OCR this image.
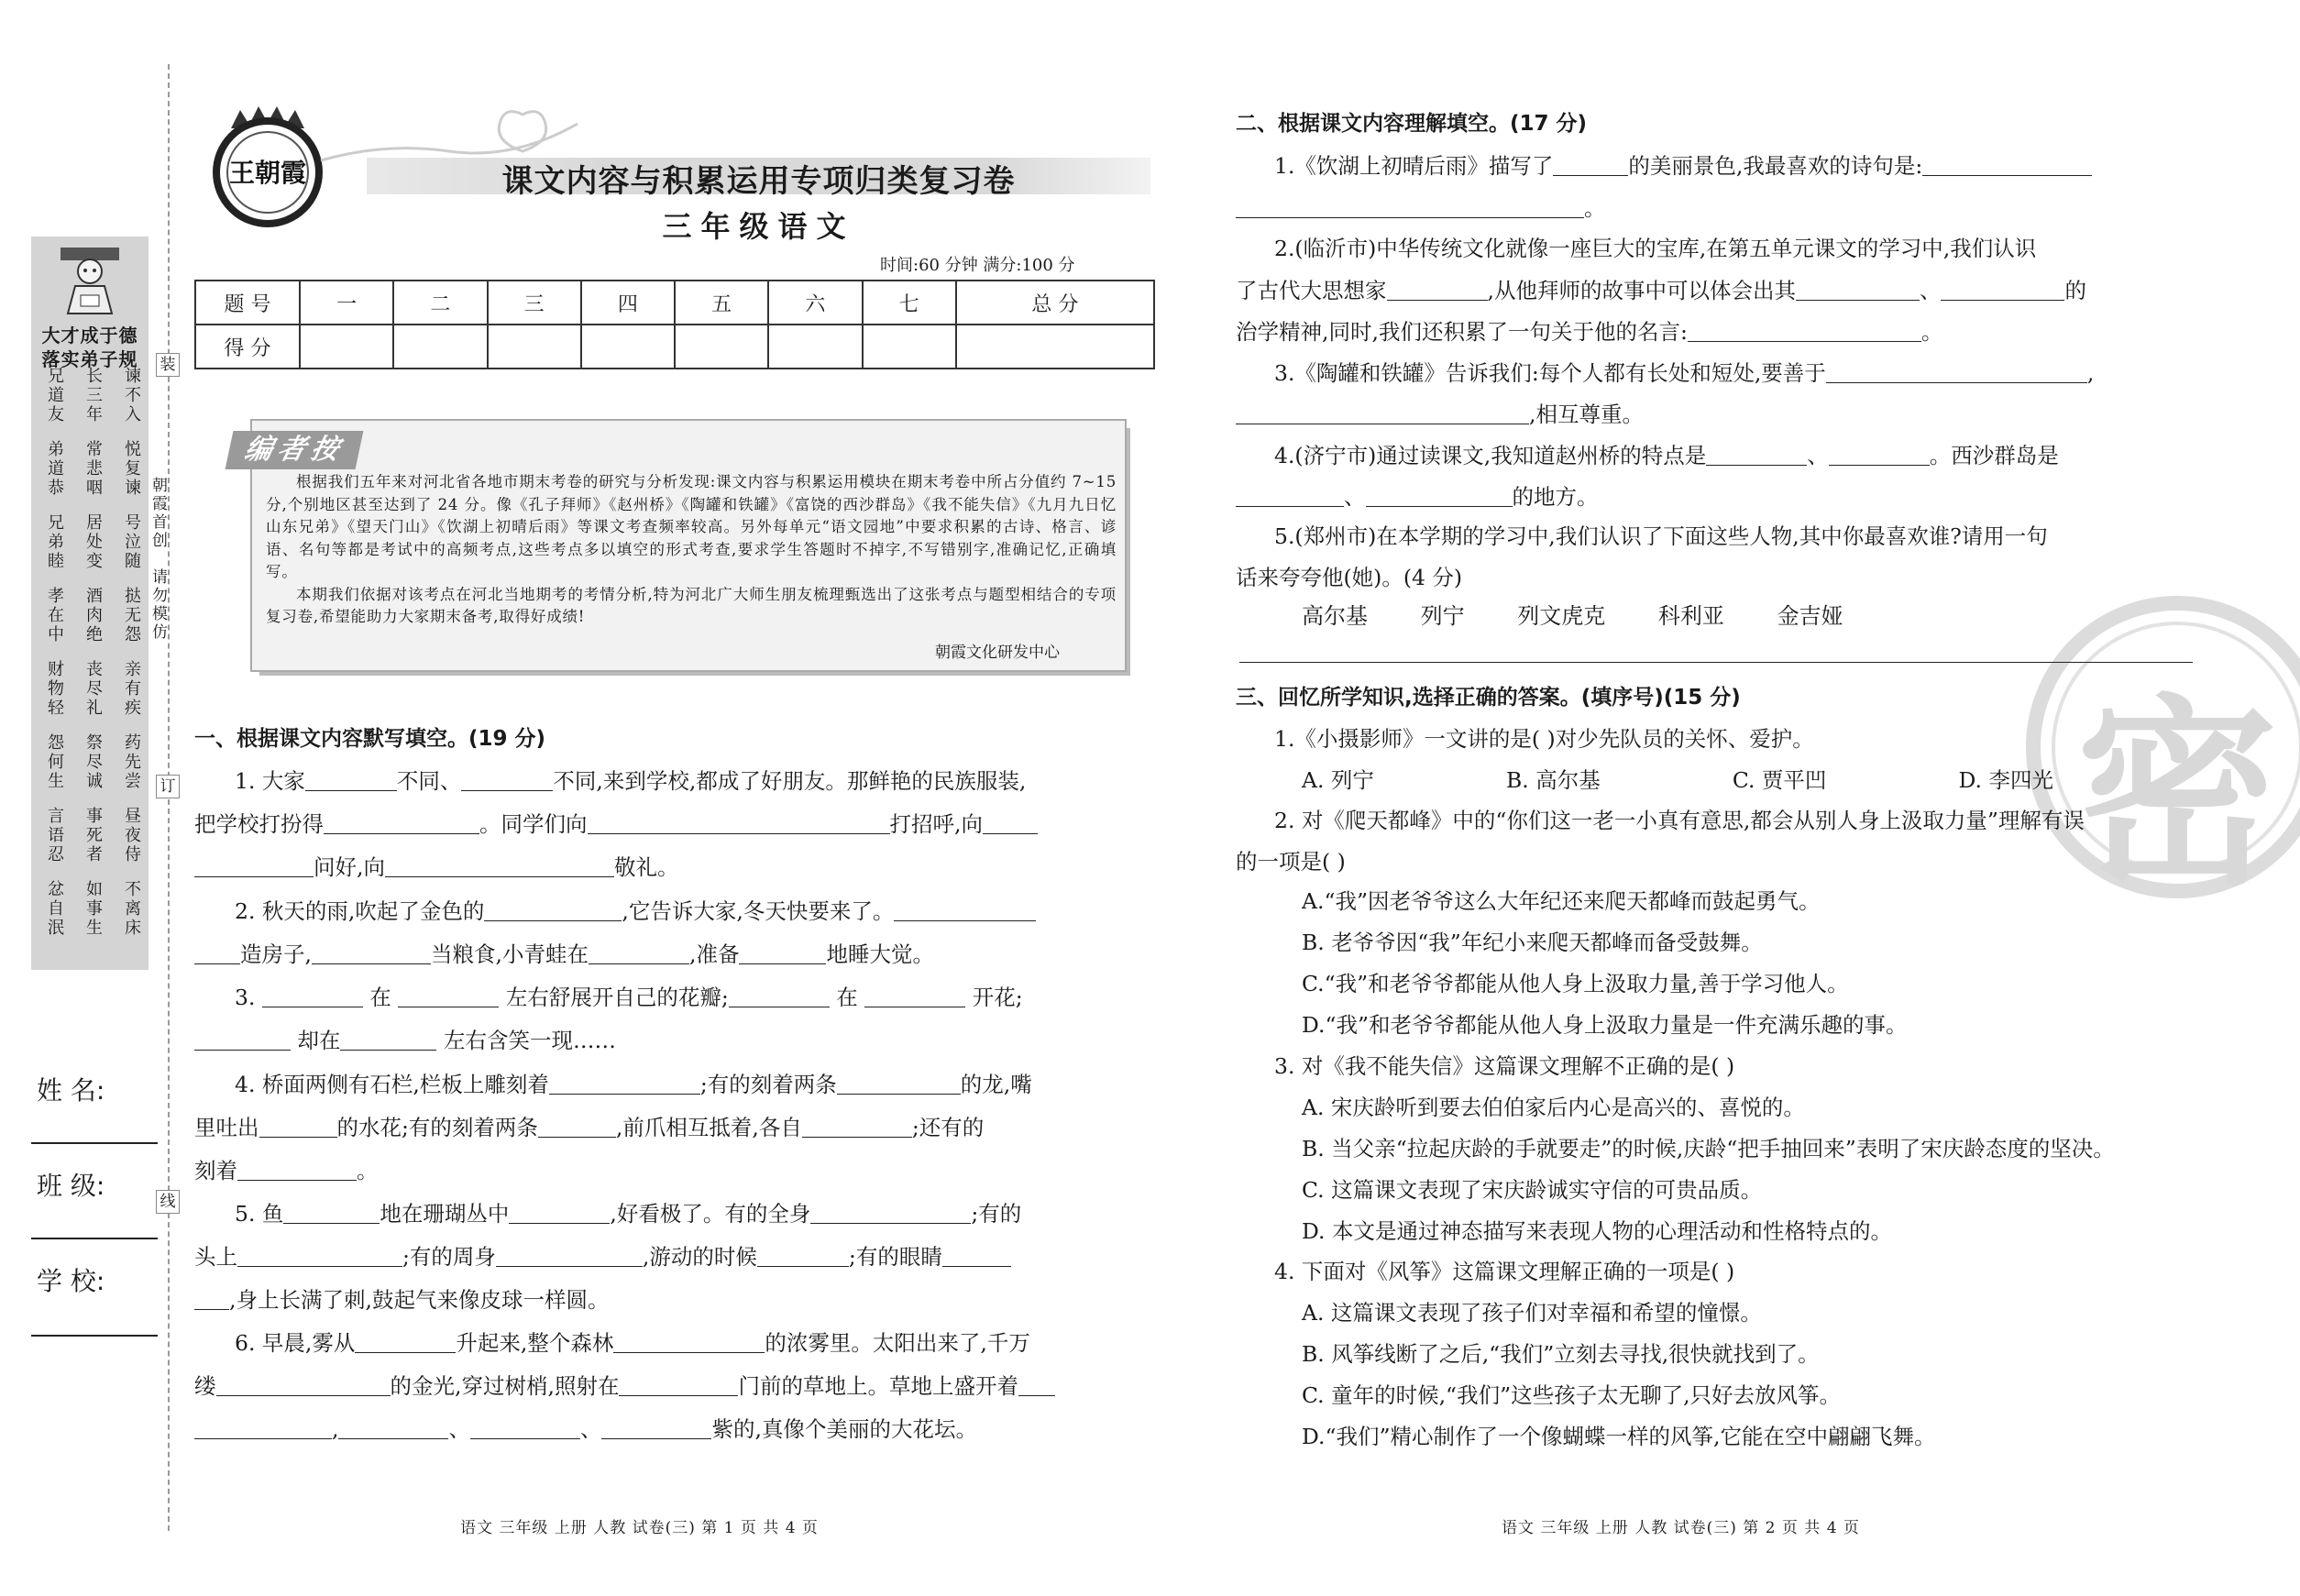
装
订
线
朝霞首创
请勿模仿
大才成于德
落实弟子规
兄道友 长三年 谏不入
弟道恭 常悲咽 悦复谏
兄弟睦 居处变 号泣随
孝在中 酒肉绝 挞无怨
财物轻 丧尽礼 亲有疾
怨何生 祭尽诚 药先尝
言语忍 事死者 昼夜侍
忿自泯 如事生 不离床
姓 名:
班 级:
学 校:
王朝霞	课文内容与积累运用专项归类复习卷
三年级语文
时间:60 分钟 满分:100 分
题 号	一	二	三	四	五	六	七	总 分
得 分								
编者按

根据我们五年来对河北省各地市期末考卷的研究与分析发现:课文内容与积累运用模块在期末考卷中所占分值约 7~15 分,个别地区甚至达到了 24 分。像《孔子拜师》《赵州桥》《陶罐和铁罐》《富饶的西沙群岛》《我不能失信》《九月九日忆山东兄弟》《望天门山》《饮湖上初晴后雨》等课文考查频率较高。另外每单元“语文园地”中要求积累的古诗、格言、谚语、名句等都是考试中的高频考点,这些考点多以填空的形式考查,要求学生答题时不掉字,不写错别字,准确记忆,正确填写。

本期我们依据对该考点在河北当地期考的考情分析,特为河北广大师生朋友梳理甄选出了这张考点与题型相结合的专项复习卷,希望能助力大家期末备考,取得好成绩!

朝霞文化研发中心
一、根据课文内容默写填空。(19 分)
1. 大家	不同、	不同,来到学校,都成了好朋友。那鲜艳的民族服装,
把学校打扮得	。同学们向	打招呼,向
问好,向	敬礼。
2. 秋天的雨,吹起了金色的	,它告诉大家,冬天快要来了。
造房子,	当粮食,小青蛙在	,准备	地睡大觉。
3.	在	左右舒展开自己的花瓣;	在	开花;
却在	左右含笑一现……
4. 桥面两侧有石栏,栏板上雕刻着	;有的刻着两条	的龙,嘴
里吐出	的水花;有的刻着两条	,前爪相互抵着,各自	;还有的
刻着	。
5. 鱼	地在珊瑚丛中	,好看极了。有的全身	;有的
头上	;有的周身	,游动的时候	;有的眼睛
,身上长满了刺,鼓起气来像皮球一样圆。
6. 早晨,雾从	升起来,整个森林	的浓雾里。太阳出来了,千万
缕	的金光,穿过树梢,照射在	门前的草地上。草地上盛开着
,	、	、	紫的,真像个美丽的大花坛。
语文 三年级 上册 人教 试卷(三) 第 1 页 共 4 页
密
二、根据课文内容理解填空。(17 分)
1.《饮湖上初晴后雨》描写了	的美丽景色,我最喜欢的诗句是:
。
2.(临沂市)中华传统文化就像一座巨大的宝库,在第五单元课文的学习中,我们认识
了古代大思想家	,从他拜师的故事中可以体会出其	、	的
治学精神,同时,我们还积累了一句关于他的名言:	。
3.《陶罐和铁罐》告诉我们:每个人都有长处和短处,要善于	,
,相互尊重。
4.(济宁市)通过读课文,我知道赵州桥的特点是	、	。西沙群岛是
、	的地方。
5.(郑州市)在本学期的学习中,我们认识了下面这些人物,其中你最喜欢谁?请用一句
话来夸夸他(她)。(4 分)
高尔基 列宁 列文虎克 科利亚 金吉娅
三、回忆所学知识,选择正确的答案。(填序号)(15 分)
1.《小摄影师》一文讲的是( )对少先队员的关怀、爱护。
A. 列宁	B. 高尔基	C. 贾平凹	D. 李四光
2. 对《爬天都峰》中的“你们这一老一小真有意思,都会从别人身上汲取力量”理解有误
的一项是( )
A.“我”因老爷爷这么大年纪还来爬天都峰而鼓起勇气。
B. 老爷爷因“我”年纪小来爬天都峰而备受鼓舞。
C.“我”和老爷爷都能从他人身上汲取力量,善于学习他人。
D.“我”和老爷爷都能从他人身上汲取力量是一件充满乐趣的事。
3. 对《我不能失信》这篇课文理解不正确的是( )
A. 宋庆龄听到要去伯伯家后内心是高兴的、喜悦的。
B. 当父亲“拉起庆龄的手就要走”的时候,庆龄“把手抽回来”表明了宋庆龄态度的坚决。
C. 这篇课文表现了宋庆龄诚实守信的可贵品质。
D. 本文是通过神态描写来表现人物的心理活动和性格特点的。
4. 下面对《风筝》这篇课文理解正确的一项是( )
A. 这篇课文表现了孩子们对幸福和希望的憧憬。
B. 风筝线断了之后,“我们”立刻去寻找,很快就找到了。
C. 童年的时候,“我们”这些孩子太无聊了,只好去放风筝。
D.“我们”精心制作了一个像蝴蝶一样的风筝,它能在空中翩翩飞舞。
语文 三年级 上册 人教 试卷(三) 第 2 页 共 4 页
